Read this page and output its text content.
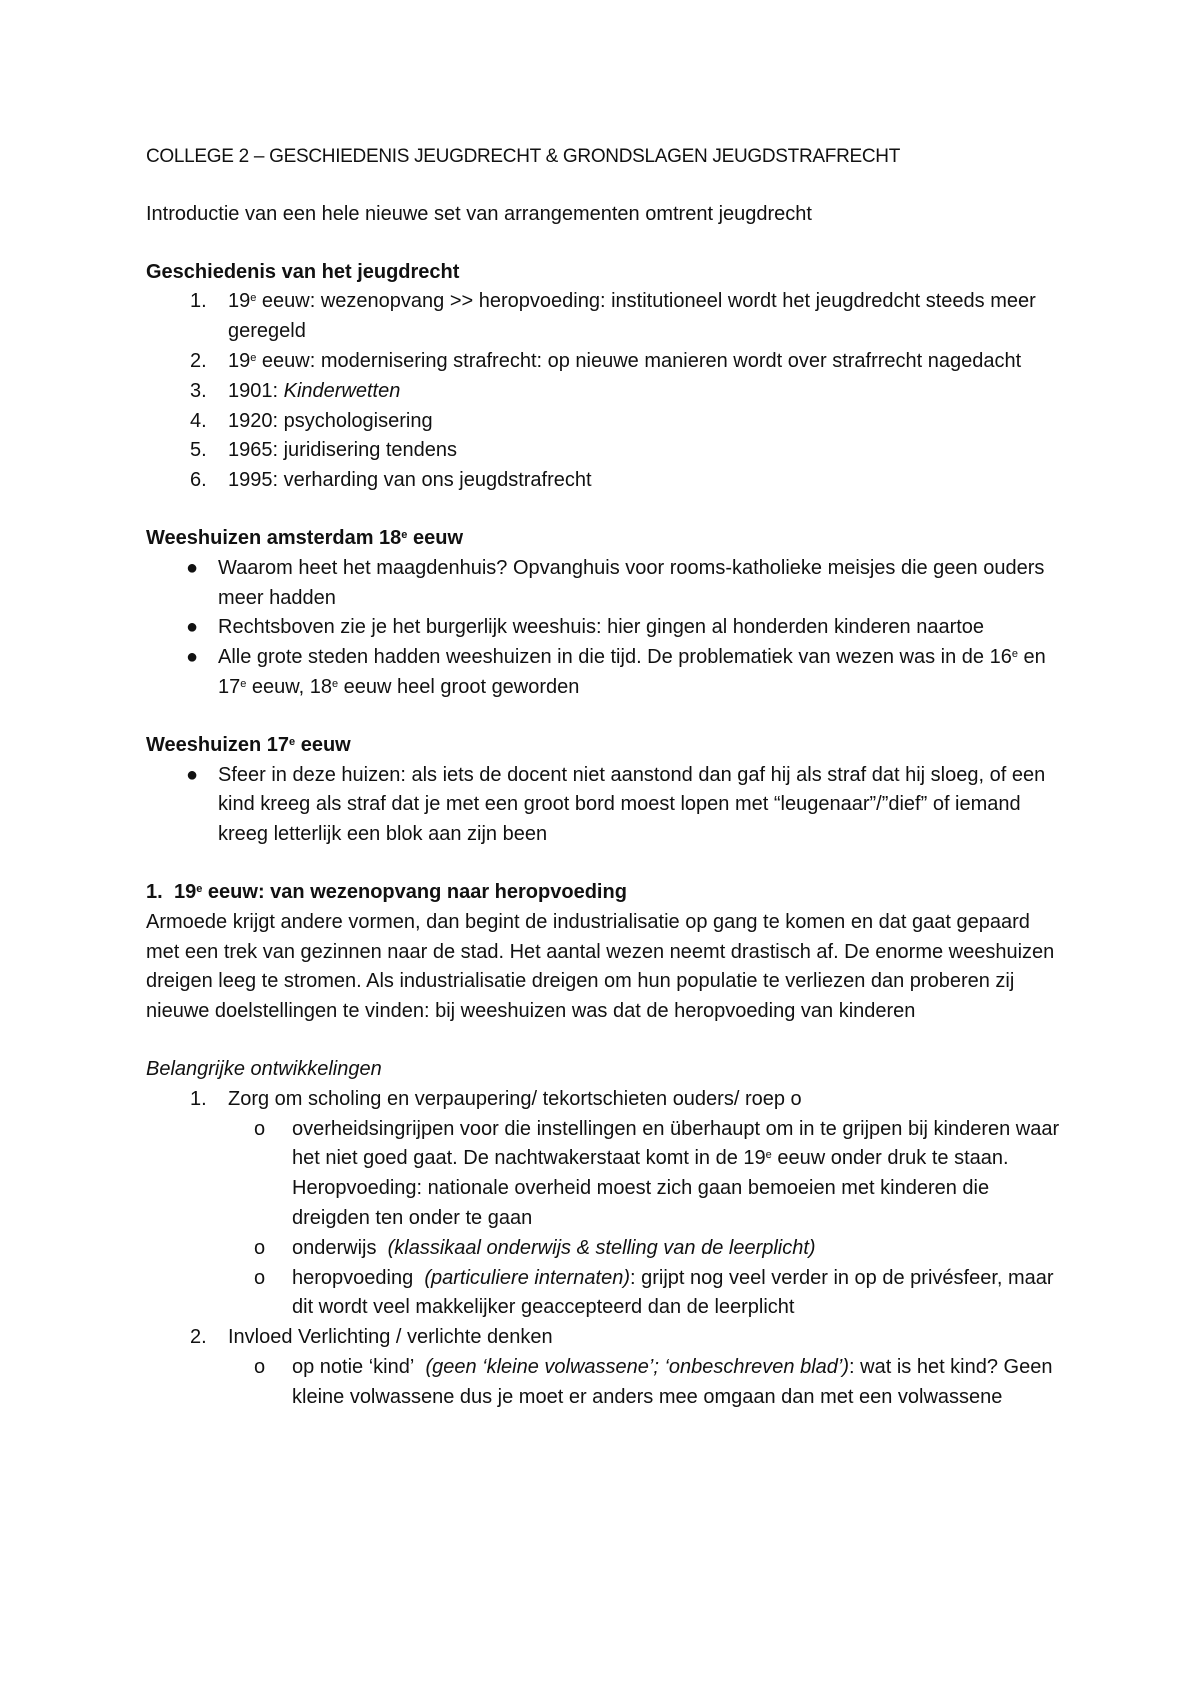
COLLEGE 2 – GESCHIEDENIS JEUGDRECHT & GRONDSLAGEN JEUGDSTRAFRECHT

Introductie van een hele nieuwe set van arrangementen omtrent jeugdrecht

Geschiedenis van het jeugdrecht

1. 19e eeuw: wezenopvang >> heropvoeding: institutioneel wordt het jeugdredcht steeds meer geregeld
2. 19e eeuw: modernisering strafrecht: op nieuwe manieren wordt over strafrrecht nagedacht
3. 1901: Kinderwetten
4. 1920: psychologisering
5. 1965: juridisering tendens
6. 1995: verharding van ons jeugdstrafrecht

Weeshuizen amsterdam 18e eeuw

● Waarom heet het maagdenhuis? Opvanghuis voor rooms-katholieke meisjes die geen ouders meer hadden
● Rechtsboven zie je het burgerlijk weeshuis: hier gingen al honderden kinderen naartoe
● Alle grote steden hadden weeshuizen in die tijd. De problematiek van wezen was in de 16e en 17e eeuw, 18e eeuw heel groot geworden

Weeshuizen 17e eeuw

● Sfeer in deze huizen: als iets de docent niet aanstond dan gaf hij als straf dat hij sloeg, of een kind kreeg als straf dat je met een groot bord moest lopen met “leugenaar”/”dief” of iemand kreeg letterlijk een blok aan zijn been

1. 19e eeuw: van wezenopvang naar heropvoeding

Armoede krijgt andere vormen, dan begint de industrialisatie op gang te komen en dat gaat gepaard met een trek van gezinnen naar de stad. Het aantal wezen neemt drastisch af. De enorme weeshuizen dreigen leeg te stromen. Als industrialisatie dreigen om hun populatie te verliezen dan proberen zij nieuwe doelstellingen te vinden: bij weeshuizen was dat de heropvoeding van kinderen

Belangrijke ontwikkelingen

1. Zorg om scholing en verpaupering/ tekortschieten ouders/ roep o
o overheidsingrijpen voor die instellingen en überhaupt om in te grijpen bij kinderen waar het niet goed gaat. De nachtwakerstaat komt in de 19e eeuw onder druk te staan. Heropvoeding: nationale overheid moest zich gaan bemoeien met kinderen die dreigden ten onder te gaan
o onderwijs (klassikaal onderwijs & stelling van de leerplicht)
o heropvoeding (particuliere internaten): grijpt nog veel verder in op de privésfeer, maar dit wordt veel makkelijker geaccepteerd dan de leerplicht
2. Invloed Verlichting / verlichte denken
o op notie ‘kind’ (geen ‘kleine volwassene’; ‘onbeschreven blad’): wat is het kind? Geen kleine volwassene dus je moet er anders mee omgaan dan met een volwassene
